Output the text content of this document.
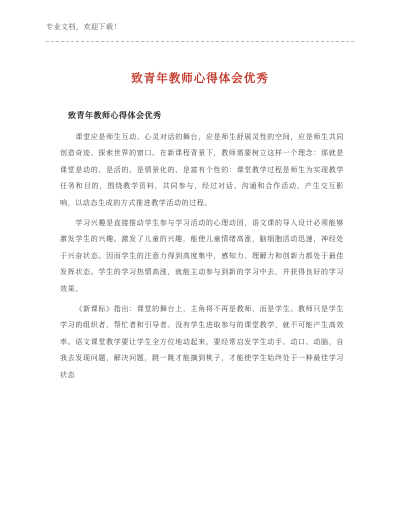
专业文档，欢迎下载！
致青年教师心得体会优秀
致青年教师心得体会优秀

课堂应是师生互动、心灵对话的舞台，应是师生舒展灵性的空间，应是师生共同创造奇迹、探索世界的窗口。在新课程背景下，教师需要树立这样一个理念：那就是课堂是动的、是活的、是情景化的、是富有个性的：课堂教学过程是师生为实现教学任务和目的，围绕教学资料，共同参与，经过对话、沟通和合作活动，产生交互影响，以动态生成的方式推进教学活动的过程。

学习兴趣是直接推动学生参与学习活动的心理动因，语文课的导入设计必须能够激发学生的兴趣。激发了儿童的兴趣，能使儿童情绪高涨，脑细胞活动迅速，神经处于兴奋状态。因而学生的注意力得到高度集中，感知力、理解力和创新力都处于最佳发挥状态。学生的学习热情高涨，就能主动参与到新的学习中去，并获得良好的学习效果。

《新课标》指出：课堂的舞台上，主角将不再是教师，而是学生。教师只是学生学习的组织者、帮忙者和引导者。没有学生进取参与的课堂教学，就不可能产生高效率。语文课堂教学要让学生全方位地动起来，要经常启发学生动手、动口、动脑，自我去发现问题，解决问题，跳一跳才能摘到桃子，才能使学生始终处于一种最佳学习状态
